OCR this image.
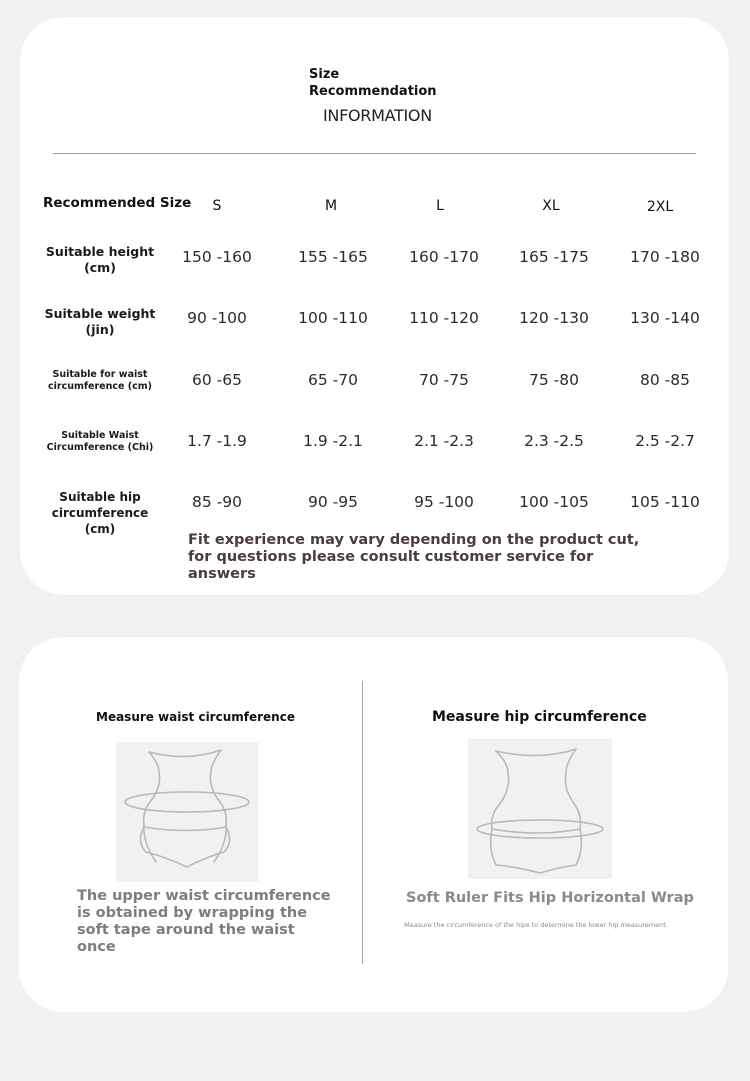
Size
Recommendation
INFORMATION
Recommended Size	S	M	L	XL	2XL
Suitable height
(cm)
150 -160	155 -165	160 -170	165 -175	170 -180
Suitable weight
(jin)
90 -100	100 -110	110 -120	120 -130	130 -140
Suitable for waist
circumference (cm)	60 -65	65 -70	70 -75	75 -80	80 -85
Suitable Waist
Circumference (Chi)	1.7 -1.9	1.9 -2.1	2.1 -2.3	2.3 -2.5	2.5 -2.7
Suitable hip
circumference (cm)
85 -90	90 -95	95 -100	100 -105	105 -110
Fit experience may vary depending on the product cut, for questions please consult customer service for answers
Measure waist circumference	Measure hip circumference
The upper waist circumference is obtained by wrapping the soft tape around the waist once
Soft Ruler Fits Hip Horizontal Wrap
Measure the circumference of the hips to determine the lower hip measurement.
